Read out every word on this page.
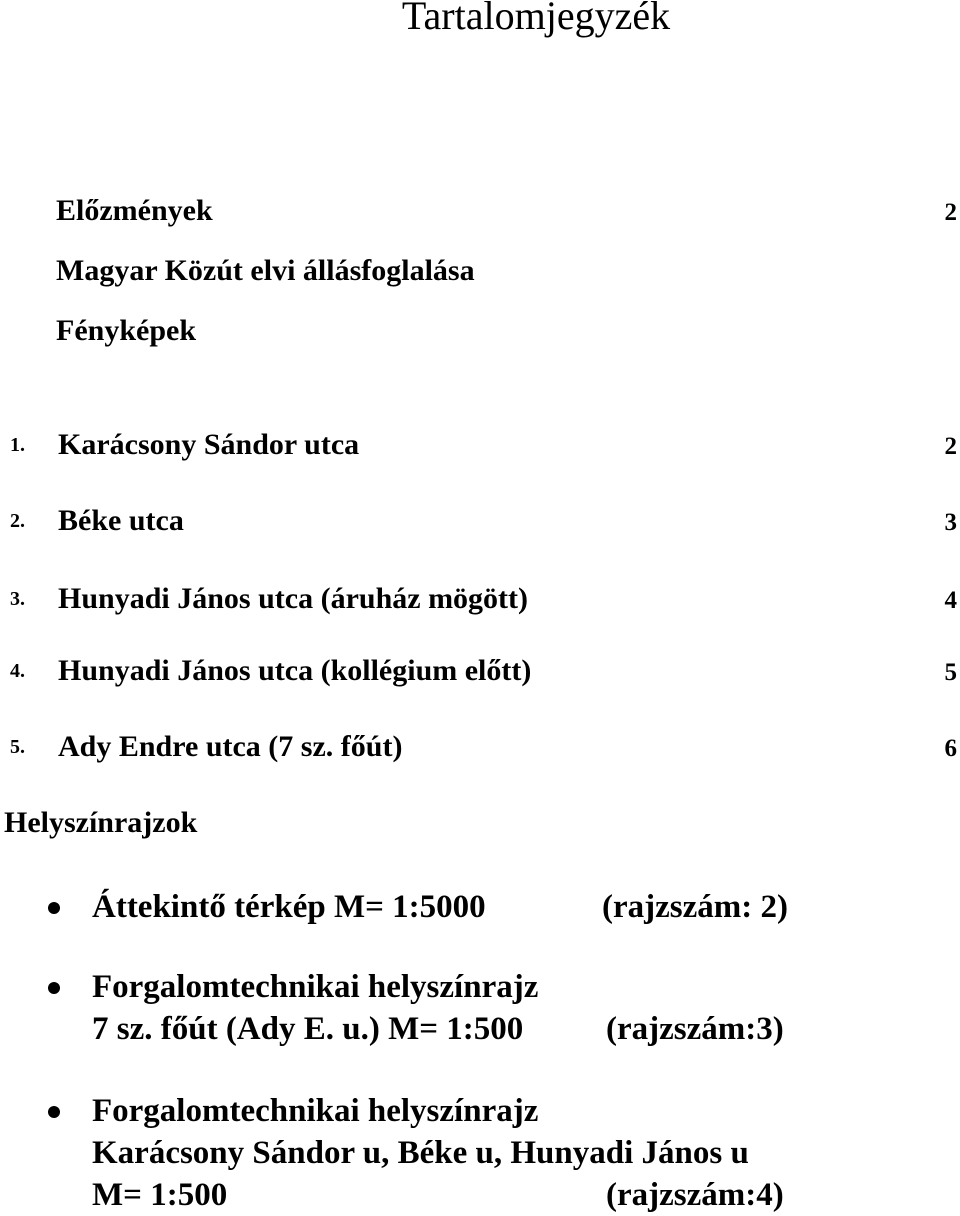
Tartalomjegyzék
Előzmények	2
Magyar Közút elvi állásfoglalása
Fényképek
1. Karácsony Sándor utca	2
2. Béke utca	3
3. Hunyadi János utca (áruház mögött)	4
4. Hunyadi János utca (kollégium előtt)	5
5. Ady Endre utca (7 sz. főút)	6
Helyszínrajzok
Áttekintő térkép M= 1:5000	(rajzszám: 2)
Forgalomtechnikai helyszínrajz
7 sz. főút (Ady E. u.) M= 1:500	(rajzszám:3)
Forgalomtechnikai helyszínrajz
Karácsony Sándor u, Béke u, Hunyadi János u
M= 1:500	(rajzszám:4)
